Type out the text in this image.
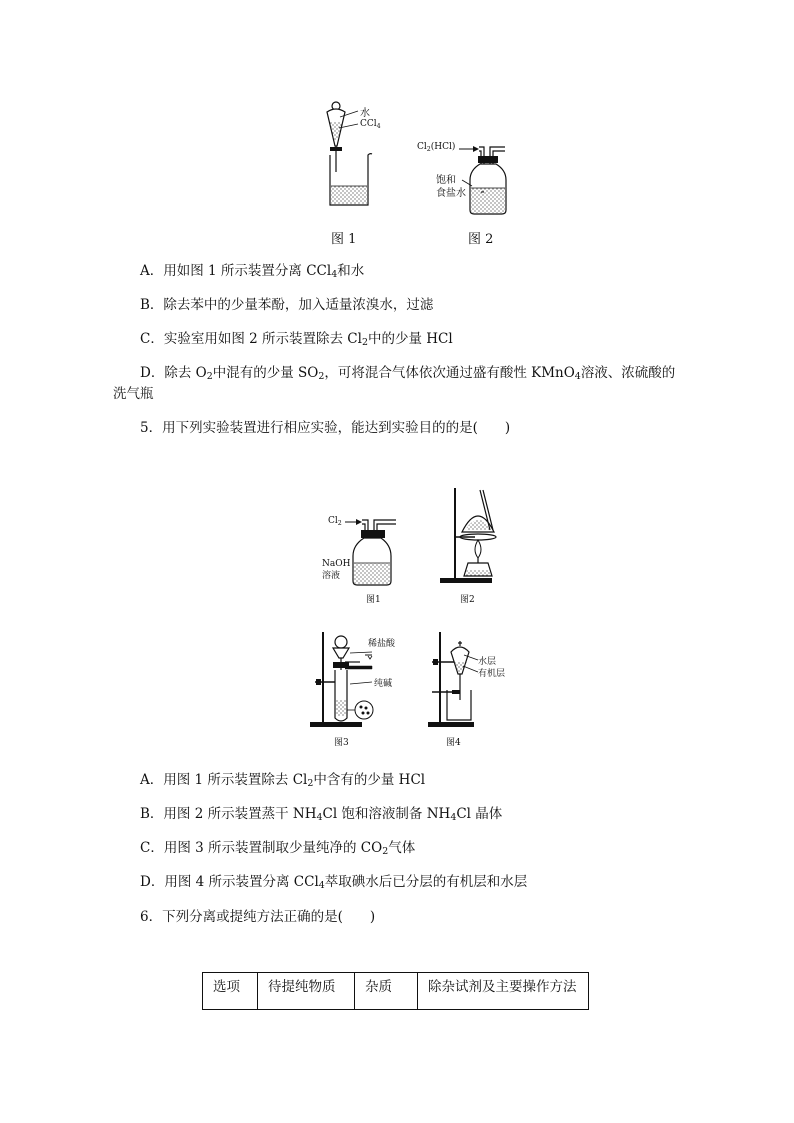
水
CCl$_4$
图 1
$Cl_2(HCl)$
饱和
食盐水
图 2
A．用如图 1 所示装置分离 CCl$_4$和水
B．除去苯中的少量苯酚，加入适量浓溴水，过滤
C．实验室用如图 2 所示装置除去 $Cl_2$中的少量 HCl
D．除去 $O_2$中混有的少量 $SO_2$，可将混合气体依次通过盛有酸性 KMnO$_4$溶液、浓硫酸的
洗气瓶
5．用下列实验装置进行相应实验，能达到实验目的的是(　　)
$Cl_2$
NaOH
溶液
图1	图2
稀盐酸
纯碱
图3
水层
有机层
图4
A．用图 1 所示装置除去 $Cl_2$中含有的少量 HCl
B．用图 2 所示装置蒸干 $NH_4Cl$ 饱和溶液制备 $NH_4Cl$ 晶体
C．用图 3 所示装置制取少量纯净的 $CO_2$气体
D．用图 4 所示装置分离 CCl$_4$萃取碘水后已分层的有机层和水层
6．下列分离或提纯方法正确的是(　　)
选项	待提纯物质	杂质	除杂试剂及主要操作方法
